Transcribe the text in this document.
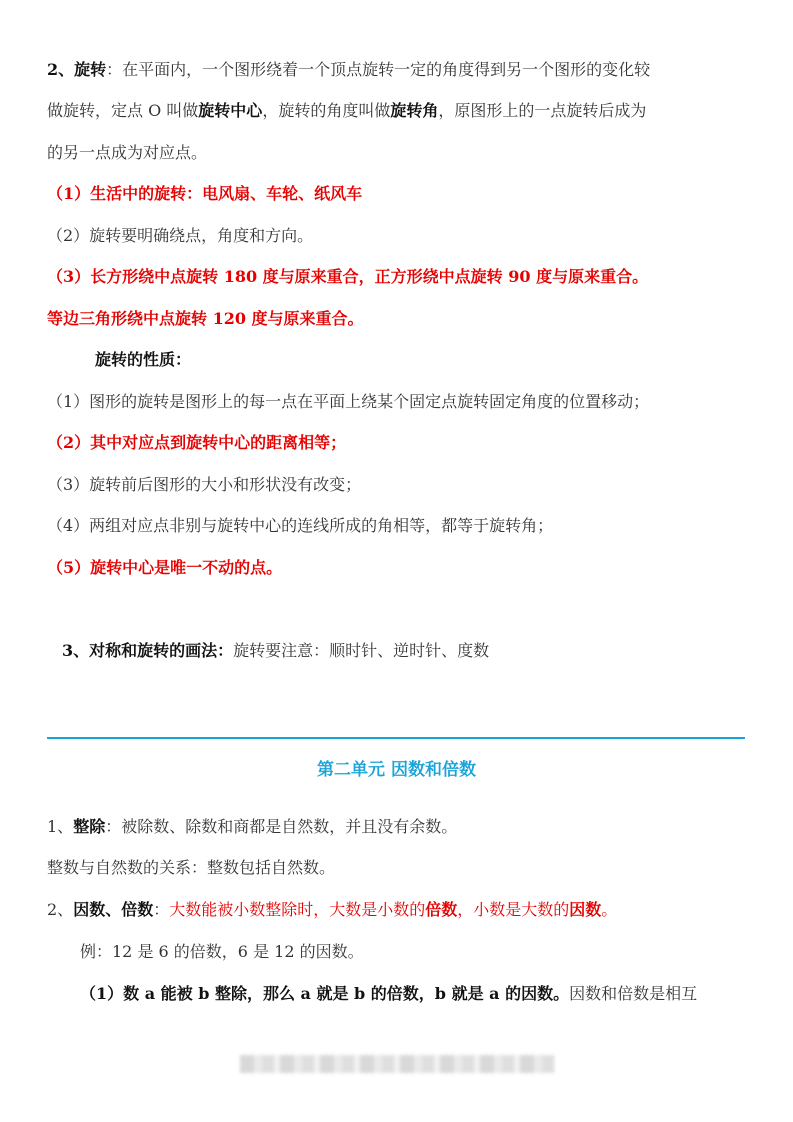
2、旋转：在平面内，一个图形绕着一个顶点旋转一定的角度得到另一个图形的变化较
做旋转，定点 O 叫做旋转中心，旋转的角度叫做旋转角，原图形上的一点旋转后成为
的另一点成为对应点。
（1）生活中的旋转：电风扇、车轮、纸风车
（2）旋转要明确绕点，角度和方向。
（3）长方形绕中点旋转 180 度与原来重合，正方形绕中点旋转 90 度与原来重合。
等边三角形绕中点旋转 120 度与原来重合。
旋转的性质：
（1）图形的旋转是图形上的每一点在平面上绕某个固定点旋转固定角度的位置移动；
（2）其中对应点到旋转中心的距离相等；
（3）旋转前后图形的大小和形状没有改变；
（4）两组对应点非别与旋转中心的连线所成的角相等，都等于旋转角；
（5）旋转中心是唯一不动的点。
3、对称和旋转的画法：旋转要注意：顺时针、逆时针、度数
第二单元 因数和倍数
1、整除：被除数、除数和商都是自然数，并且没有余数。
整数与自然数的关系：整数包括自然数。
2、因数、倍数：大数能被小数整除时，大数是小数的倍数，小数是大数的因数。
例：12 是 6 的倍数，6 是 12 的因数。
（1）数 a 能被 b 整除，那么 a 就是 b 的倍数，b 就是 a 的因数。因数和倍数是相互
